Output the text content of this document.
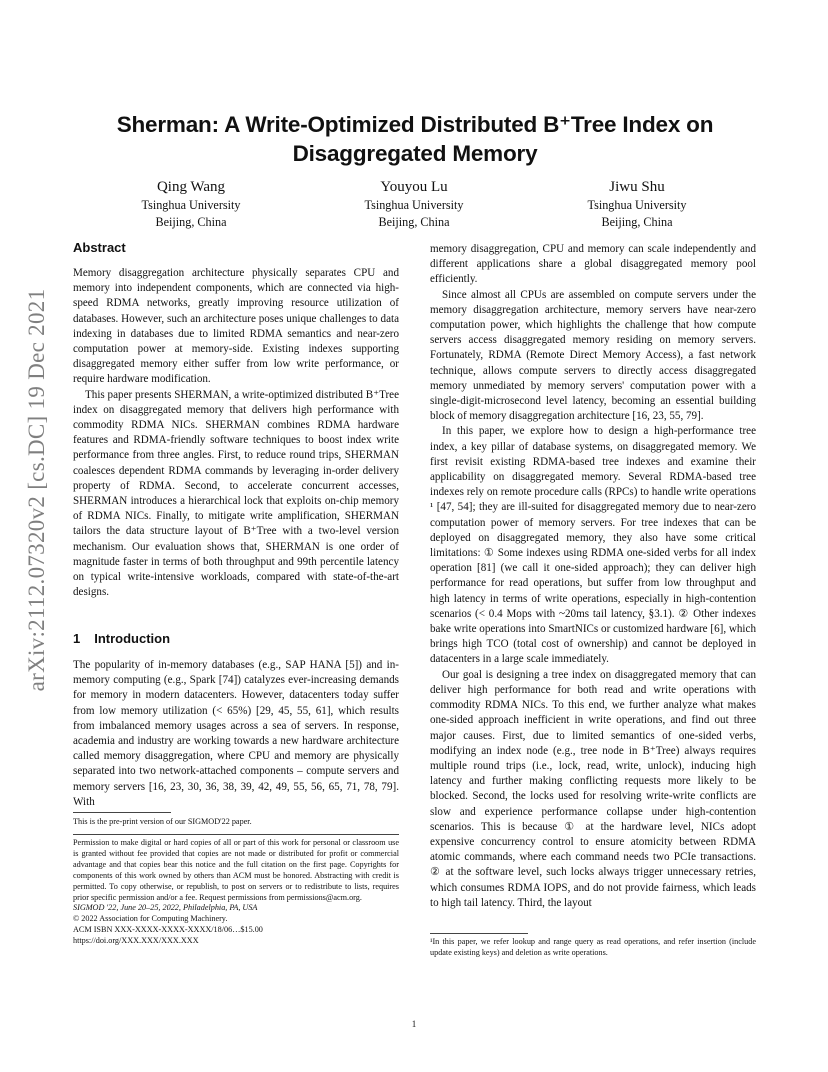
Sherman: A Write-Optimized Distributed B⁺Tree Index on
Disaggregated Memory
Qing Wang
Tsinghua University
Beijing, China
Youyou Lu
Tsinghua University
Beijing, China
Jiwu Shu
Tsinghua University
Beijing, China
arXiv:2112.07320v2 [cs.DC] 19 Dec 2021
Abstract

Memory disaggregation architecture physically separates CPU and memory into independent components, which are connected via high-speed RDMA networks, greatly improving resource utilization of databases. However, such an architecture poses unique challenges to data indexing in databases due to limited RDMA semantics and near-zero computation power at memory-side. Existing indexes supporting disaggregated memory either suffer from low write performance, or require hardware modification.

This paper presents SHERMAN, a write-optimized distributed B⁺Tree index on disaggregated memory that delivers high performance with commodity RDMA NICs. SHERMAN combines RDMA hardware features and RDMA-friendly software techniques to boost index write performance from three angles. First, to reduce round trips, SHERMAN coalesces dependent RDMA commands by leveraging in-order delivery property of RDMA. Second, to accelerate concurrent accesses, SHERMAN introduces a hierarchical lock that exploits on-chip memory of RDMA NICs. Finally, to mitigate write amplification, SHERMAN tailors the data structure layout of B⁺Tree with a two-level version mechanism. Our evaluation shows that, SHERMAN is one order of magnitude faster in terms of both throughput and 99th percentile latency on typical write-intensive workloads, compared with state-of-the-art designs.

1 Introduction

The popularity of in-memory databases (e.g., SAP HANA [5]) and in-memory computing (e.g., Spark [74]) catalyzes ever-increasing demands for memory in modern datacenters. However, datacenters today suffer from low memory utilization (< 65%) [29, 45, 55, 61], which results from imbalanced memory usages across a sea of servers. In response, academia and industry are working towards a new hardware architecture called memory disaggregation, where CPU and memory are physically separated into two network-attached components – compute servers and memory servers [16, 23, 30, 36, 38, 39, 42, 49, 55, 56, 65, 71, 78, 79]. With

This is the pre-print version of our SIGMOD'22 paper.
Permission to make digital or hard copies of all or part of this work for personal or classroom use is granted without fee provided that copies are not made or distributed for profit or commercial advantage and that copies bear this notice and the full citation on the first page. Copyrights for components of this work owned by others than ACM must be honored. Abstracting with credit is permitted. To copy otherwise, or republish, to post on servers or to redistribute to lists, requires prior specific permission and/or a fee. Request permissions from permissions@acm.org.
SIGMOD '22, June 20–25, 2022, Philadelphia, PA, USA
© 2022 Association for Computing Machinery.
ACM ISBN XXX-XXXX-XXXX-XXXX/18/06…$15.00
https://doi.org/XXX.XXX/XXX.XXX

memory disaggregation, CPU and memory can scale independently and different applications share a global disaggregated memory pool efficiently.

Since almost all CPUs are assembled on compute servers under the memory disaggregation architecture, memory servers have near-zero computation power, which highlights the challenge that how compute servers access disaggregated memory residing on memory servers. Fortunately, RDMA (Remote Direct Memory Access), a fast network technique, allows compute servers to directly access disaggregated memory unmediated by memory servers' computation power with a single-digit-microsecond level latency, becoming an essential building block of memory disaggregation architecture [16, 23, 55, 79].

In this paper, we explore how to design a high-performance tree index, a key pillar of database systems, on disaggregated memory. We first revisit existing RDMA-based tree indexes and examine their applicability on disaggregated memory. Several RDMA-based tree indexes rely on remote procedure calls (RPCs) to handle write operations ¹ [47, 54]; they are ill-suited for disaggregated memory due to near-zero computation power of memory servers. For tree indexes that can be deployed on disaggregated memory, they also have some critical limitations: ① Some indexes using RDMA one-sided verbs for all index operation [81] (we call it one-sided approach); they can deliver high performance for read operations, but suffer from low throughput and high latency in terms of write operations, especially in high-contention scenarios (< 0.4 Mops with ~20ms tail latency, §3.1). ② Other indexes bake write operations into SmartNICs or customized hardware [6], which brings high TCO (total cost of ownership) and cannot be deployed in datacenters in a large scale immediately.

Our goal is designing a tree index on disaggregated memory that can deliver high performance for both read and write operations with commodity RDMA NICs. To this end, we further analyze what makes one-sided approach inefficient in write operations, and find out three major causes. First, due to limited semantics of one-sided verbs, modifying an index node (e.g., tree node in B⁺Tree) always requires multiple round trips (i.e., lock, read, write, unlock), inducing high latency and further making conflicting requests more likely to be blocked. Second, the locks used for resolving write-write conflicts are slow and experience performance collapse under high-contention scenarios. This is because ① at the hardware level, NICs adopt expensive concurrency control to ensure atomicity between RDMA atomic commands, where each command needs two PCIe transactions. ② at the software level, such locks always trigger unnecessary retries, which consumes RDMA IOPS, and do not provide fairness, which leads to high tail latency. Third, the layout

¹In this paper, we refer lookup and range query as read operations, and refer insertion (include update existing keys) and deletion as write operations.
1
